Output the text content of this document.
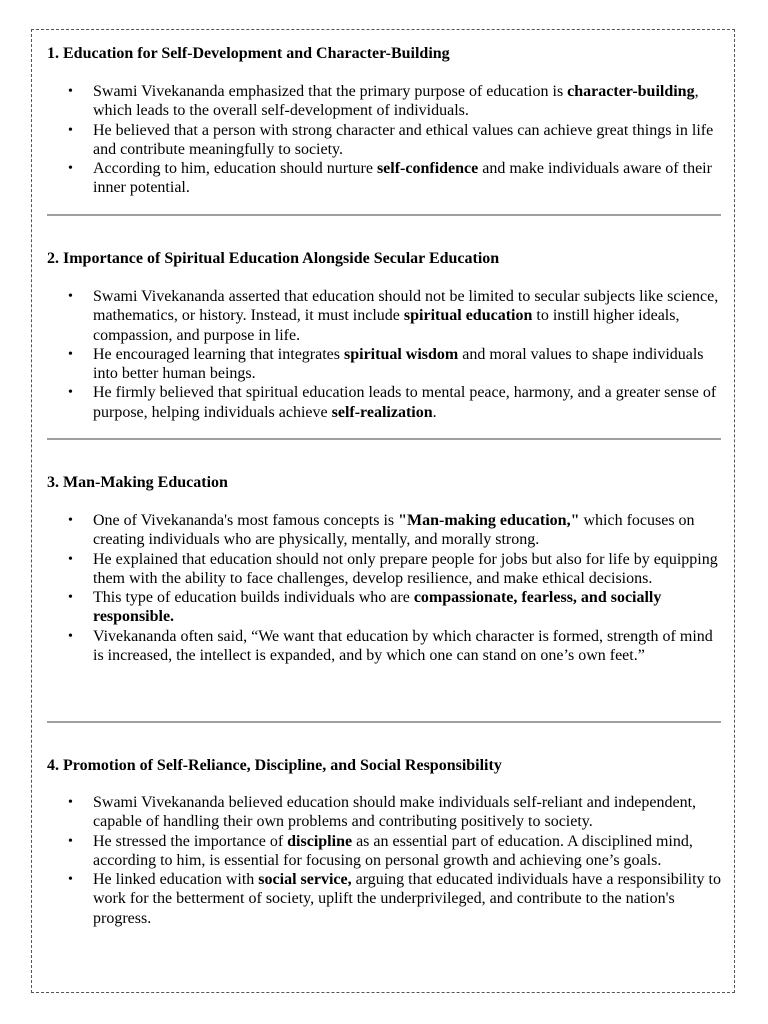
1. Education for Self-Development and Character-Building
• Swami Vivekananda emphasized that the primary purpose of education is character-building, which leads to the overall self-development of individuals.
• He believed that a person with strong character and ethical values can achieve great things in life and contribute meaningfully to society.
• According to him, education should nurture self-confidence and make individuals aware of their inner potential.
2. Importance of Spiritual Education Alongside Secular Education
• Swami Vivekananda asserted that education should not be limited to secular subjects like science, mathematics, or history. Instead, it must include spiritual education to instill higher ideals, compassion, and purpose in life.
• He encouraged learning that integrates spiritual wisdom and moral values to shape individuals into better human beings.
• He firmly believed that spiritual education leads to mental peace, harmony, and a greater sense of purpose, helping individuals achieve self-realization.
3. Man-Making Education
• One of Vivekananda's most famous concepts is "Man-making education," which focuses on creating individuals who are physically, mentally, and morally strong.
• He explained that education should not only prepare people for jobs but also for life by equipping them with the ability to face challenges, develop resilience, and make ethical decisions.
• This type of education builds individuals who are compassionate, fearless, and socially responsible.
• Vivekananda often said, “We want that education by which character is formed, strength of mind is increased, the intellect is expanded, and by which one can stand on one’s own feet.”
4. Promotion of Self-Reliance, Discipline, and Social Responsibility
• Swami Vivekananda believed education should make individuals self-reliant and independent, capable of handling their own problems and contributing positively to society.
• He stressed the importance of discipline as an essential part of education. A disciplined mind, according to him, is essential for focusing on personal growth and achieving one’s goals.
• He linked education with social service, arguing that educated individuals have a responsibility to work for the betterment of society, uplift the underprivileged, and contribute to the nation's progress.
